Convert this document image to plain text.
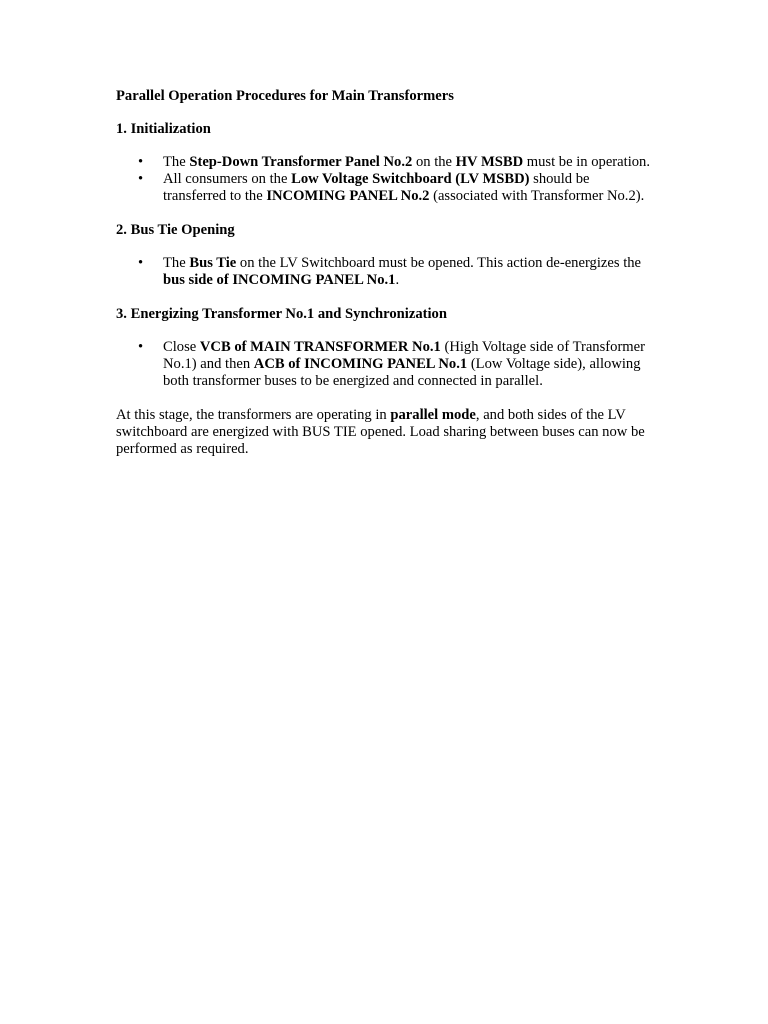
Parallel Operation Procedures for Main Transformers
1. Initialization
• The Step-Down Transformer Panel No.2 on the HV MSBD must be in operation.
• All consumers on the Low Voltage Switchboard (LV MSBD) should be transferred to the INCOMING PANEL No.2 (associated with Transformer No.2).
2. Bus Tie Opening
• The Bus Tie on the LV Switchboard must be opened. This action de-energizes the bus side of INCOMING PANEL No.1.
3. Energizing Transformer No.1 and Synchronization
• Close VCB of MAIN TRANSFORMER No.1 (High Voltage side of Transformer No.1) and then ACB of INCOMING PANEL No.1 (Low Voltage side), allowing both transformer buses to be energized and connected in parallel.

At this stage, the transformers are operating in parallel mode, and both sides of the LV switchboard are energized with BUS TIE opened. Load sharing between buses can now be performed as required.
